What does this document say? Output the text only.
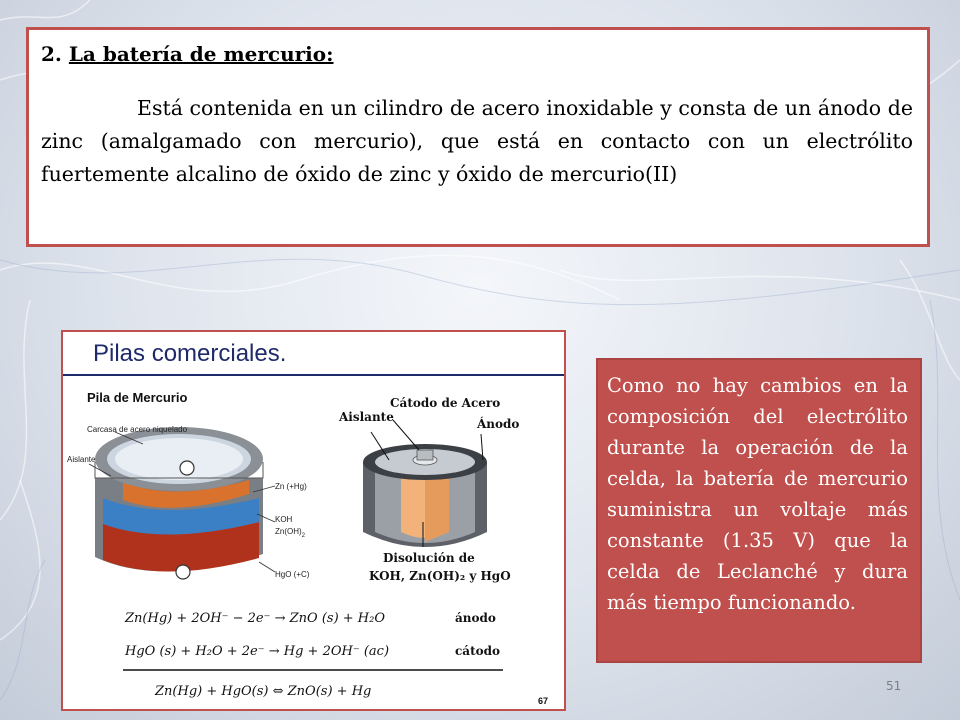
2. La batería de mercurio:

Está contenida en un cilindro de acero inoxidable y consta de un ánodo de zinc (amalgamado con mercurio), que está en contacto con un electrólito fuertemente alcalino de óxido de zinc y óxido de mercurio(II)

Pilas comerciales.
Pila de Mercurio
Carcasa de acero niquelado
Aislante
Zn (+Hg)
KOH
$Zn(OH)_2$
HgO (+C)
Cátodo de Acero
Aislante	Ánodo
Disolución de
KOH, Zn(OH)₂ y HgO
Zn(Hg) + 2OH⁻ − 2e⁻ → ZnO (s) + H₂O	ánodo
HgO (s) + H₂O + 2e⁻ → Hg + 2OH⁻ (ac)	cátodo
Zn(Hg) + HgO(s) ⇔ ZnO(s) + Hg
67

Como no hay cambios en la composición del electrólito durante la operación de la celda, la batería de mercurio suministra un voltaje más constante (1.35 V) que la celda de Leclanché y dura más tiempo funcionando.

51
